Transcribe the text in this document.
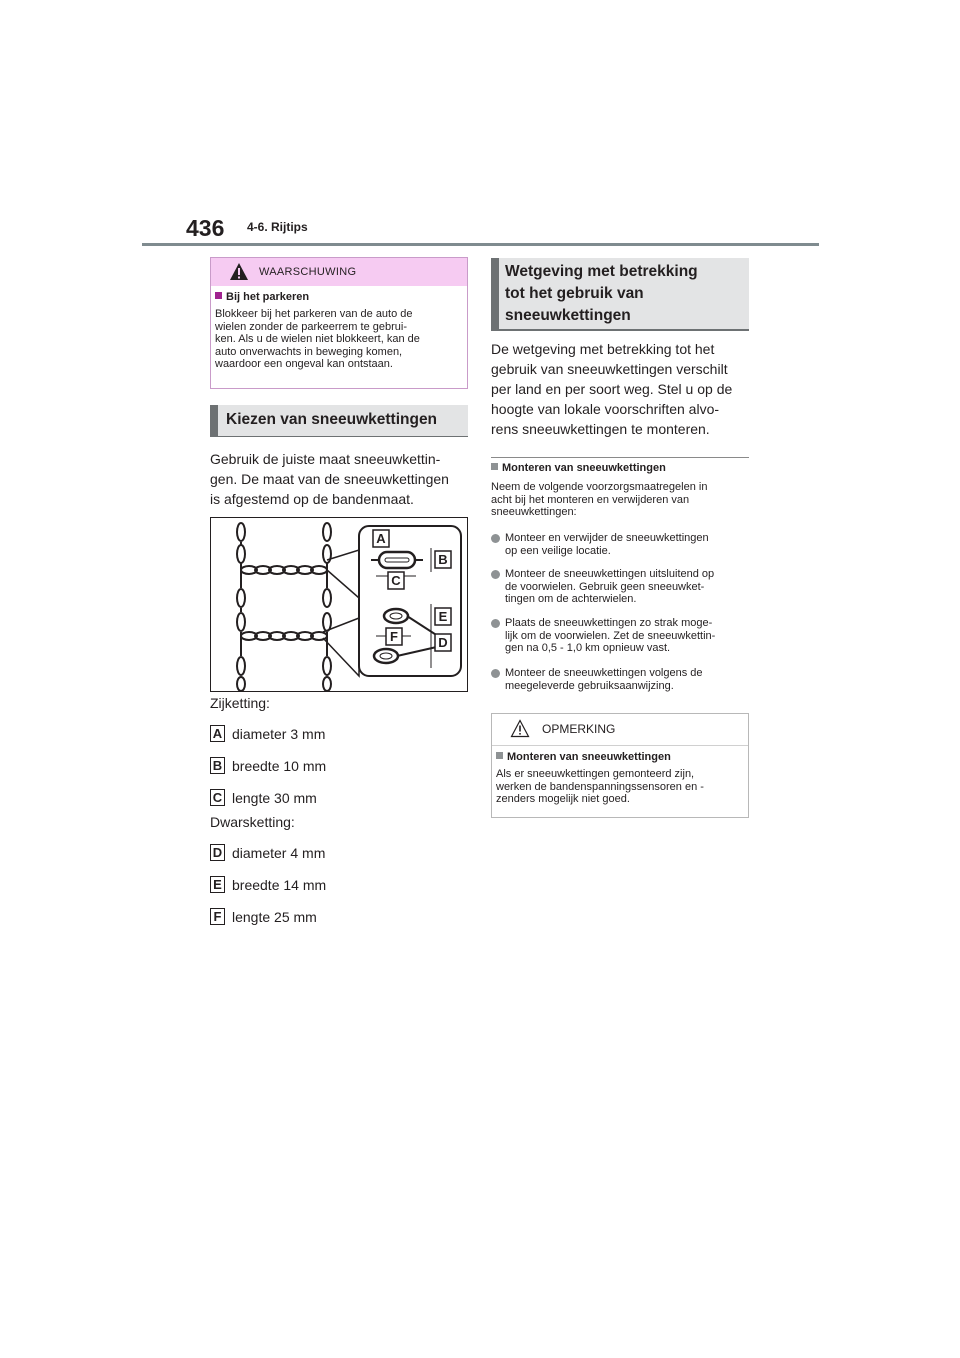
436 4-6. Rijtips
WAARSCHUWING
Bij het parkeren
Blokkeer bij het parkeren van de auto de
wielen zonder de parkeerrem te gebrui-
ken. Als u de wielen niet blokkeert, kan de
auto onverwachts in beweging komen,
waardoor een ongeval kan ontstaan.
Kiezen van sneeuwkettingen
Gebruik de juiste maat sneeuwkettin-
gen. De maat van de sneeuwkettingen
is afgestemd op de bandenmaat.
A
B
C
E
F	D
Zijketting:
A diameter 3 mm
B breedte 10 mm
C lengte 30 mm
Dwarsketting:
D diameter 4 mm
E breedte 14 mm
F lengte 25 mm
Wetgeving met betrekking
tot het gebruik van
sneeuwkettingen
De wetgeving met betrekking tot het
gebruik van sneeuwkettingen verschilt
per land en per soort weg. Stel u op de
hoogte van lokale voorschriften alvo-
rens sneeuwkettingen te monteren.
Monteren van sneeuwkettingen
Neem de volgende voorzorgsmaatregelen in
acht bij het monteren en verwijderen van
sneeuwkettingen:
Monteer en verwijder de sneeuwkettingen
op een veilige locatie.
Monteer de sneeuwkettingen uitsluitend op
de voorwielen. Gebruik geen sneeuwket-
tingen om de achterwielen.
Plaats de sneeuwkettingen zo strak moge-
lijk om de voorwielen. Zet de sneeuwkettin-
gen na 0,5 - 1,0 km opnieuw vast.
Monteer de sneeuwkettingen volgens de
meegeleverde gebruiksaanwijzing.
OPMERKING
Monteren van sneeuwkettingen
Als er sneeuwkettingen gemonteerd zijn,
werken de bandenspanningssensoren en -
zenders mogelijk niet goed.
